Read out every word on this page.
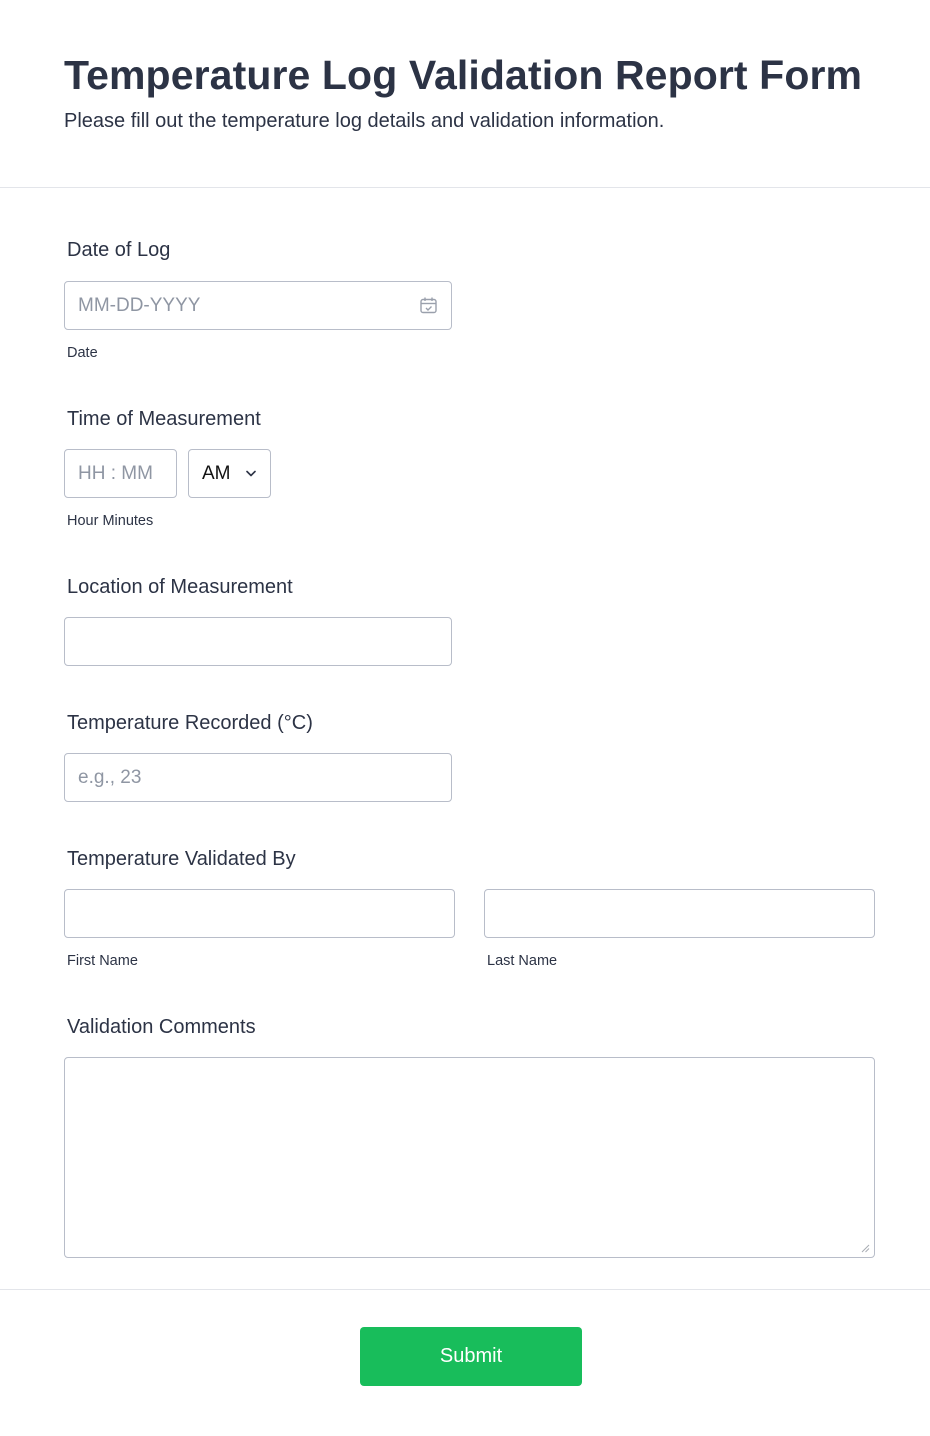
Temperature Log Validation Report Form

Please fill out the temperature log details and validation information.

Date of Log
MM-DD-YYYY
Date
Time of Measurement
HH : MM	AM
Hour Minutes
Location of Measurement
Temperature Recorded (°C)
e.g., 23
Temperature Validated By
First Name	Last Name
Validation Comments
Submit
